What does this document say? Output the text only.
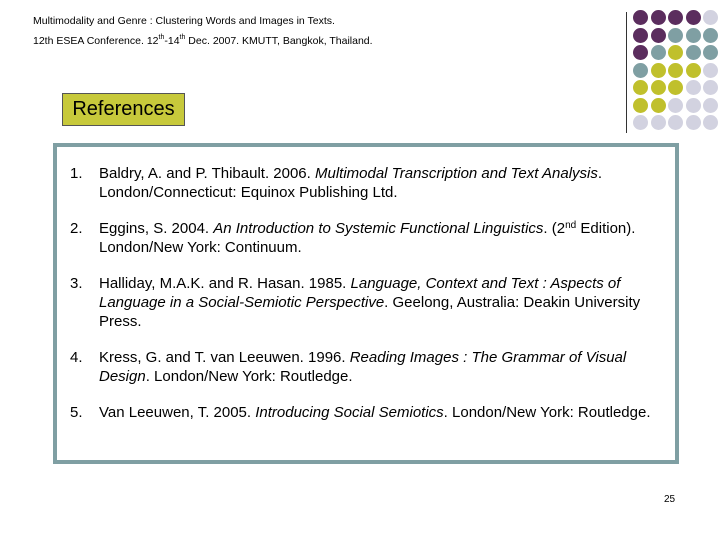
Multimodality and Genre : Clustering Words and Images in Texts.
12th ESEA Conference. 12th-14th Dec. 2007. KMUTT, Bangkok, Thailand.
References
1. Baldry, A. and P. Thibault. 2006. Multimodal Transcription and Text Analysis. London/Connecticut: Equinox Publishing Ltd.
2. Eggins, S. 2004. An Introduction to Systemic Functional Linguistics. (2nd Edition). London/New York: Continuum.
3. Halliday, M.A.K. and R. Hasan. 1985. Language, Context and Text : Aspects of Language in a Social-Semiotic Perspective. Geelong, Australia: Deakin University Press.
4. Kress, G. and T. van Leeuwen. 1996. Reading Images : The Grammar of Visual Design. London/New York: Routledge.
5. Van Leeuwen, T. 2005. Introducing Social Semiotics. London/New York: Routledge.
25
